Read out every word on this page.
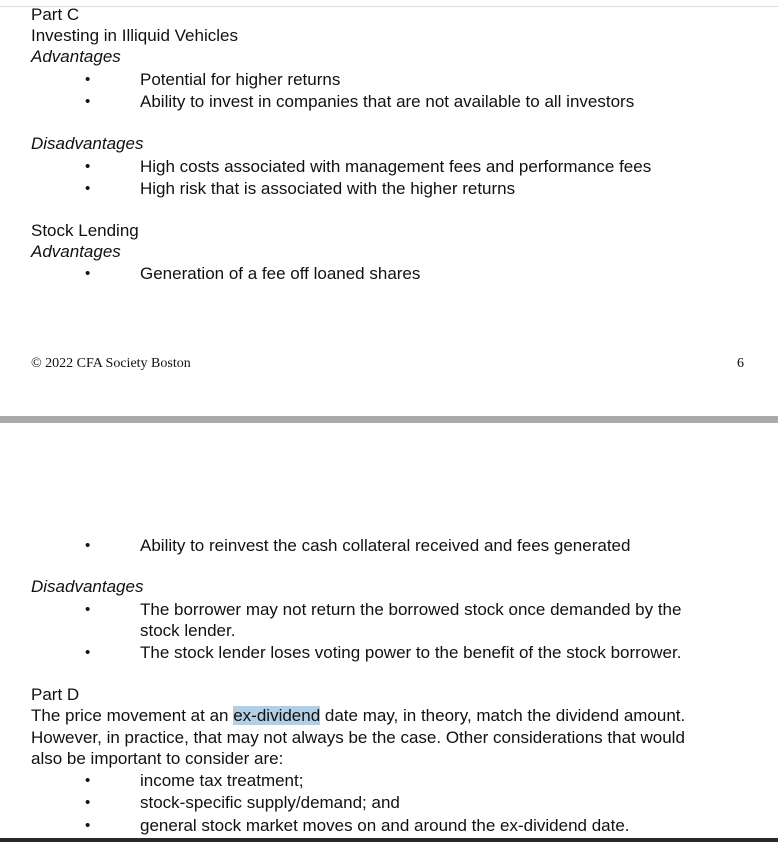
Part C
Investing in Illiquid Vehicles
Advantages
•	Potential for higher returns
•	Ability to invest in companies that are not available to all investors
Disadvantages
•	High costs associated with management fees and performance fees
•	High risk that is associated with the higher returns
Stock Lending
Advantages
•	Generation of a fee off loaned shares
© 2022 CFA Society Boston	6
•	Ability to reinvest the cash collateral received and fees generated
Disadvantages
•	The borrower may not return the borrowed stock once demanded by the
stock lender.
•	The stock lender loses voting power to the benefit of the stock borrower.
Part D
The price movement at an ex-dividend date may, in theory, match the dividend amount.
However, in practice, that may not always be the case. Other considerations that would
also be important to consider are:
•	income tax treatment;
•	stock-specific supply/demand; and
•	general stock market moves on and around the ex-dividend date.
